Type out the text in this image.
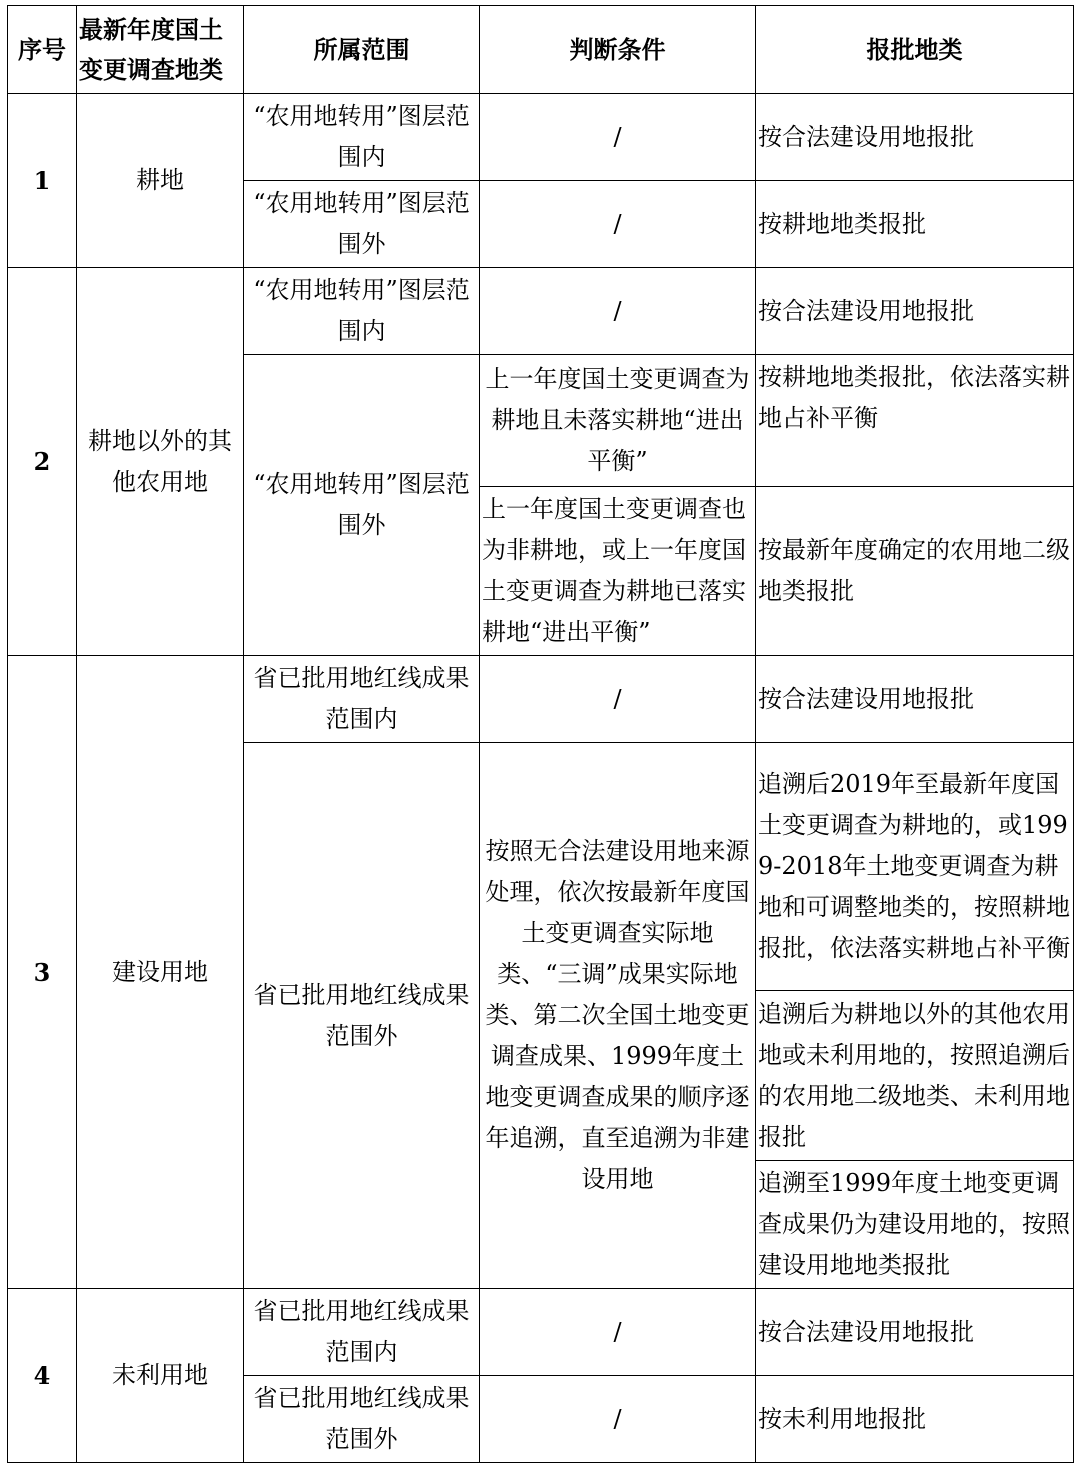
序号	最新年度国土变更调查地类	所属范围	判断条件	报批地类
1	耕地	“农用地转用”图层范围内	/	按合法建设用地报批
		“农用地转用”图层范围外	/	按耕地地类报批
2	耕地以外的其他农用地	“农用地转用”图层范围内	/	按合法建设用地报批
		“农用地转用”图层范围外	上一年度国土变更调查为耕地且未落实耕地“进出平衡”	按耕地地类报批，依法落实耕地占补平衡
			上一年度国土变更调查也为非耕地，或上一年度国土变更调查为耕地已落实耕地“进出平衡”	按最新年度确定的农用地二级地类报批
3	建设用地	省已批用地红线成果范围内	/	按合法建设用地报批
		省已批用地红线成果范围外	按照无合法建设用地来源处理，依次按最新年度国土变更调查实际地类、“三调”成果实际地类、第二次全国土地变更调查成果、1999年度土地变更调查成果的顺序逐年追溯，直至追溯为非建设用地	追溯后2019年至最新年度国土变更调查为耕地的，或1999-2018年土地变更调查为耕地和可调整地类的，按照耕地报批，依法落实耕地占补平衡
				追溯后为耕地以外的其他农用地或未利用地的，按照追溯后的农用地二级地类、未利用地报批
				追溯至1999年度土地变更调查成果仍为建设用地的，按照建设用地地类报批
4	未利用地	省已批用地红线成果范围内	/	按合法建设用地报批
		省已批用地红线成果范围外	/	按未利用地报批
